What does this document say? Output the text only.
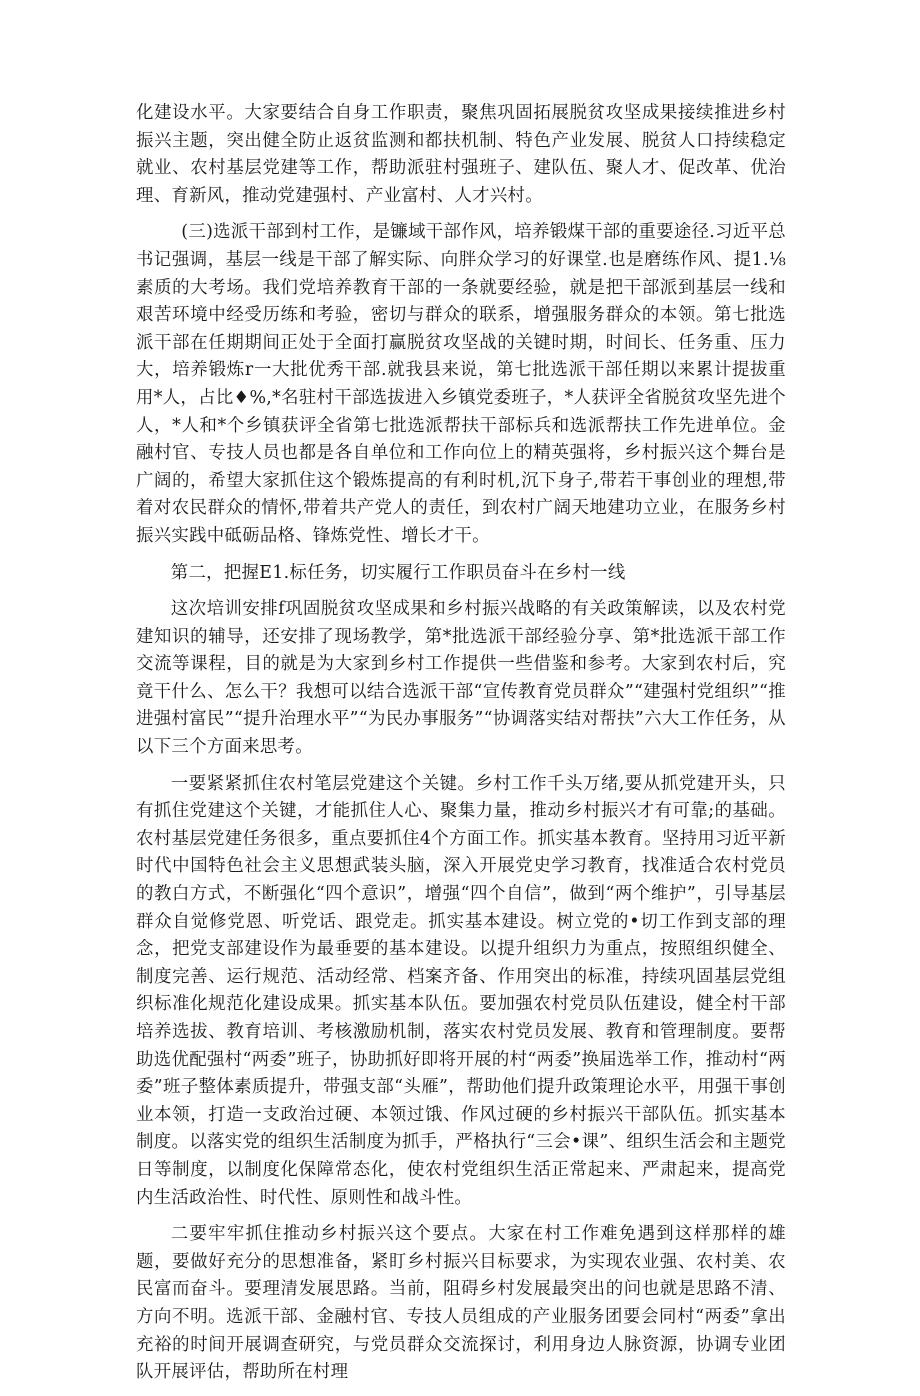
化建设水平。大家要结合自身工作职责，聚焦巩固拓展脱贫攻坚成果接续推进乡村振兴主题，突出健全防止返贫监测和都扶机制、特色产业发展、脱贫人口持续稳定就业、农村基层党建等工作，帮助派驻村强班子、建队伍、聚人才、促改革、优治理、育新风，推动党建强村、产业富村、人才兴村。

(三)选派干部到村工作，是镰域干部作风，培养锻煤干部的重要途径.习近平总书记强调，基层一线是干部了解实际、向胖众学习的好课堂.也是磨练作风、提1.⅛素质的大考场。我们党培养教育干部的一条就要经验，就是把干部派到基层一线和艰苦环境中经受历练和考验，密切与群众的联系，增强服务群众的本领。第七批选派干部在任期期间正处于全面打赢脱贫攻坚战的关键时期，时间长、任务重、压力大，培养锻炼r一大批优秀干部.就我县来说，第七批选派干部任期以来累计提拔重用*人，占比♦%,*名驻村干部选拔进入乡镇党委班子，*人获评全省脱贫攻坚先进个人，*人和*个乡镇获评全省第七批选派帮扶干部标兵和选派帮扶工作先进单位。金融村官、专技人员也都是各自单位和工作向位上的精英强将，乡村振兴这个舞台是广阔的，希望大家抓住这个锻炼提高的有利时机,沉下身子,带若干事创业的理想,带着对农民群众的情怀,带着共产党人的责任，到农村广阔天地建功立业，在服务乡村振兴实践中砥砺品格、锋炼党性、增长才干。

第二，把握E1.标任务，切实履行工作职员奋斗在乡村一线

这次培训安排f巩固脱贫攻坚成果和乡村振兴战略的有关政策解读，以及农村党建知识的辅导，还安排了现场教学，第*批选派干部经验分享、第*批选派干部工作交流等课程，目的就是为大家到乡村工作提供一些借鉴和参考。大家到农村后，究竟干什么、怎么干？我想可以结合选派干部“宣传教育党员群众”“建强村党组织”“推进强村富民”“提升治理水平”“为民办事服务”“协调落实结对帮扶”六大工作任务，从以下三个方面来思考。

一要紧紧抓住农村笔层党建这个关键。乡村工作千头万绪,要从抓党建开头，只有抓住党建这个关键，才能抓住人心、聚集力量，推动乡村振兴才有可靠;的基础。农村基层党建任务很多，重点要抓住4个方面工作。抓实基本教育。坚持用习近平新时代中国特色社会主义思想武装头脑，深入开展党史学习教育，找准适合农村党员的教白方式，不断强化“四个意识”，增强“四个自信”，做到“两个维护”，引导基层群众自觉修党恩、听党话、跟党走。抓实基本建设。树立党的•切工作到支部的理念，把党支部建设作为最垂要的基本建设。以提升组织力为重点，按照组织健全、制度完善、运行规范、活动经常、档案齐备、作用突出的标准，持续巩固基层党组织标准化规范化建设成果。抓实基本队伍。要加强农村党员队伍建设，健全村干部培养选拔、教育培训、考核激励机制，落实农村党员发展、教育和管理制度。要帮助选优配强村“两委”班子，协助抓好即将开展的村“两委”换届选举工作，推动村“两委”班子整体素质提升，带强支部“头雁”，帮助他们提升政策理论水平，用强干事创业本领，打造一支政治过硬、本领过饿、作风过硬的乡村振兴干部队伍。抓实基本制度。以落实党的组织生活制度为抓手，严格执行“三会•课”、组织生活会和主题党日等制度，以制度化保障常态化，使农村党组织生活正常起来、严肃起来，提高党内生活政治性、时代性、原则性和战斗性。

二要牢牢抓住推动乡村振兴这个要点。大家在村工作难免遇到这样那样的雄题，要做好充分的思想准备，紧盯乡村振兴目标要求，为实现农业强、农村美、农民富而奋斗。要理清发展思路。当前，阻碍乡村发展最突出的问也就是思路不清、方向不明。选派干部、金融村官、专技人员组成的产业服务团要会同村“两委”拿出充裕的时间开展调查研究，与党员群众交流探讨，利用身边人脉资源，协调专业团队开展评估，帮助所在村理
